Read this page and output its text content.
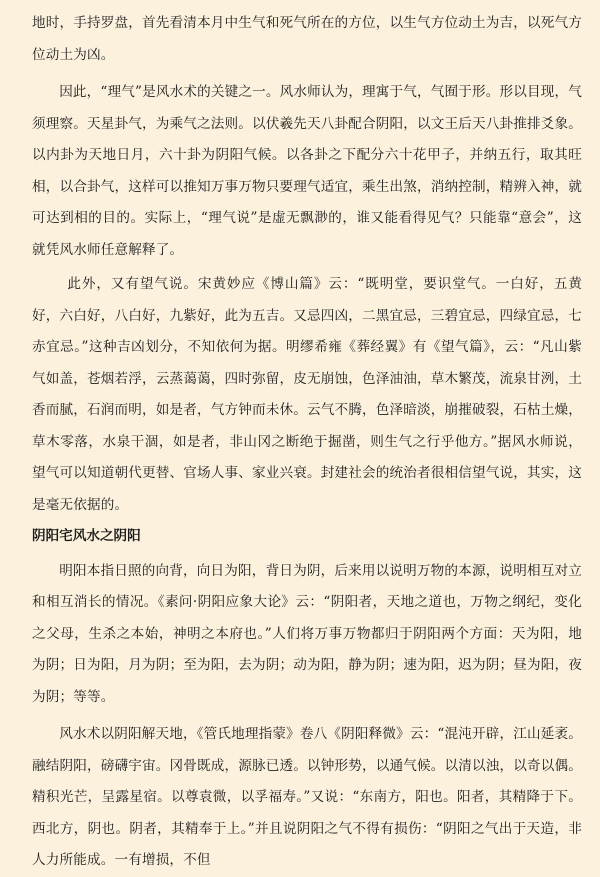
地时，手持罗盘，首先看清本月中生气和死气所在的方位，以生气方位动土为吉，以死气方位动土为凶。

因此，“理气”是风水术的关键之一。风水师认为，理寓于气，气囿于形。形以目现，气须理察。天星卦气，为乘气之法则。以伏羲先天八卦配合阴阳，以文王后天八卦推排爻象。以内卦为天地日月，六十卦为阴阳气候。以各卦之下配分六十花甲子，并纳五行，取其旺相，以合卦气，这样可以推知万事万物只要理气适宜，乘生出煞，消纳控制，精辨入神，就可达到相的目的。实际上，“理气说”是虚无飘渺的，谁又能看得见气？只能靠“意会”，这就凭风水师任意解释了。

此外，又有望气说。宋黄妙应《博山篇》云：“既明堂，要识堂气。一白好，五黄好，六白好，八白好，九紫好，此为五吉。又忌四凶，二黑宜忌，三碧宜忌，四绿宜忌，七赤宜忌。”这种吉凶划分，不知依何为据。明缪希雍《葬经翼》有《望气篇》，云：“凡山紫气如盖，苍烟若浮，云蒸蔼蔼，四时弥留，皮无崩蚀，色泽油油，草木繁茂，流泉甘洌，土香而腻，石润而明，如是者，气方钟而未休。云气不腾，色泽暗淡，崩摧破裂，石枯土燥，草木零落，水泉干涸，如是者，非山冈之断绝于掘凿，则生气之行乎他方。”据风水师说，望气可以知道朝代更替、官场人事、家业兴衰。封建社会的统治者很相信望气说，其实，这是毫无依据的。

阴阳宅风水之阴阳

明阳本指日照的向背，向日为阳，背日为阴，后来用以说明万物的本源，说明相互对立和相互消长的情况。《素问·阴阳应象大论》云：“阴阳者，天地之道也，万物之纲纪，变化之父母，生杀之本始，神明之本府也。”人们将万事万物都归于阴阳两个方面：天为阳，地为阴；日为阳，月为阴；至为阳，去为阴；动为阳，静为阴；速为阳，迟为阴；昼为阳，夜为阴；等等。

风水术以阴阳解天地，《管氏地理指蒙》卷八《阴阳释微》云：“混沌开辟，江山延袤。融结阴阳，磅礴宇宙。冈骨既成，源脉已透。以钟形势，以通气候。以清以浊，以奇以偶。精积光芒，呈露星宿。以尊袁微，以孚福寿。”又说：“东南方，阳也。阳者，其精降于下。西北方，阴也。阴者，其精奉于上。”并且说阴阳之气不得有损伤：“阴阳之气出于天造，非人力所能成。一有增损，不但
